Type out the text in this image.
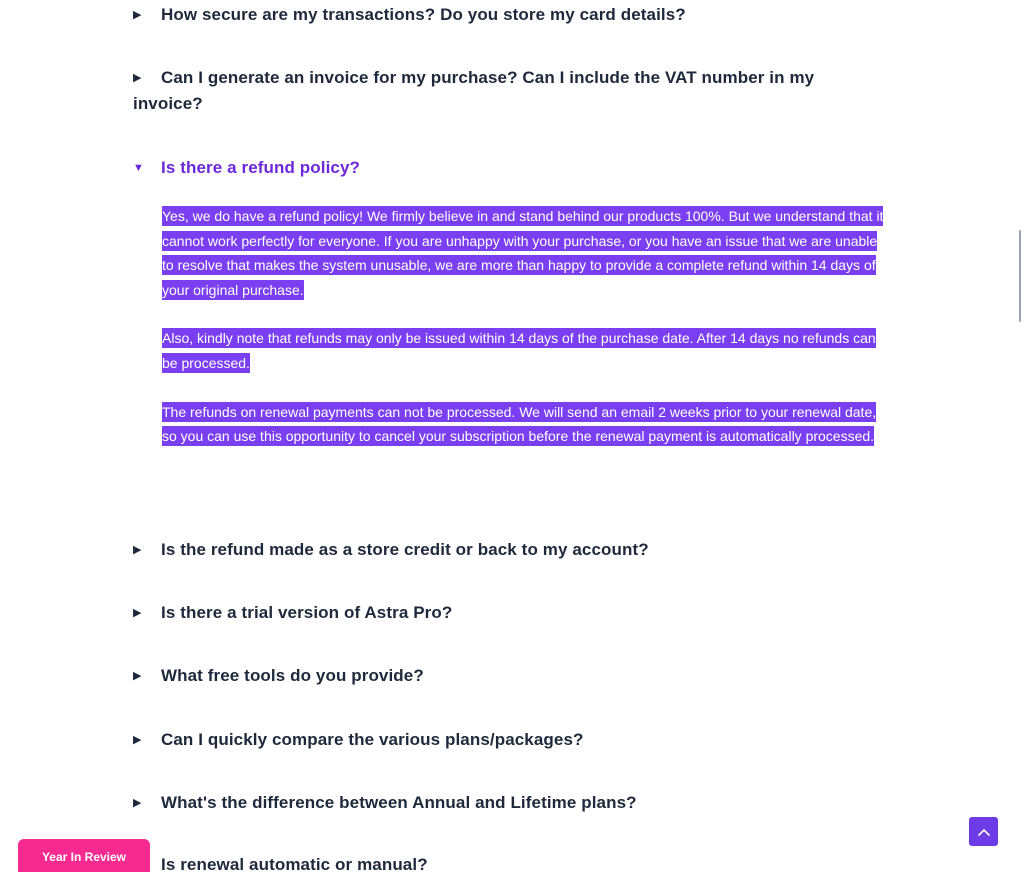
▶ How secure are my transactions? Do you store my card details?
▶ Can I generate an invoice for my purchase? Can I include the VAT number in my invoice?
▼ Is there a refund policy?

Yes, we do have a refund policy! We firmly believe in and stand behind our products 100%. But we understand that it cannot work perfectly for everyone. If you are unhappy with your purchase, or you have an issue that we are unable to resolve that makes the system unusable, we are more than happy to provide a complete refund within 14 days of your original purchase.

Also, kindly note that refunds may only be issued within 14 days of the purchase date. After 14 days no refunds can be processed.

The refunds on renewal payments can not be processed. We will send an email 2 weeks prior to your renewal date, so you can use this opportunity to cancel your subscription before the renewal payment is automatically processed.

▶ Is the refund made as a store credit or back to my account?
▶ Is there a trial version of Astra Pro?
▶ What free tools do you provide?
▶ Can I quickly compare the various plans/packages?
▶ What's the difference between Annual and Lifetime plans?
Is renewal automatic or manual?
Year In Review
